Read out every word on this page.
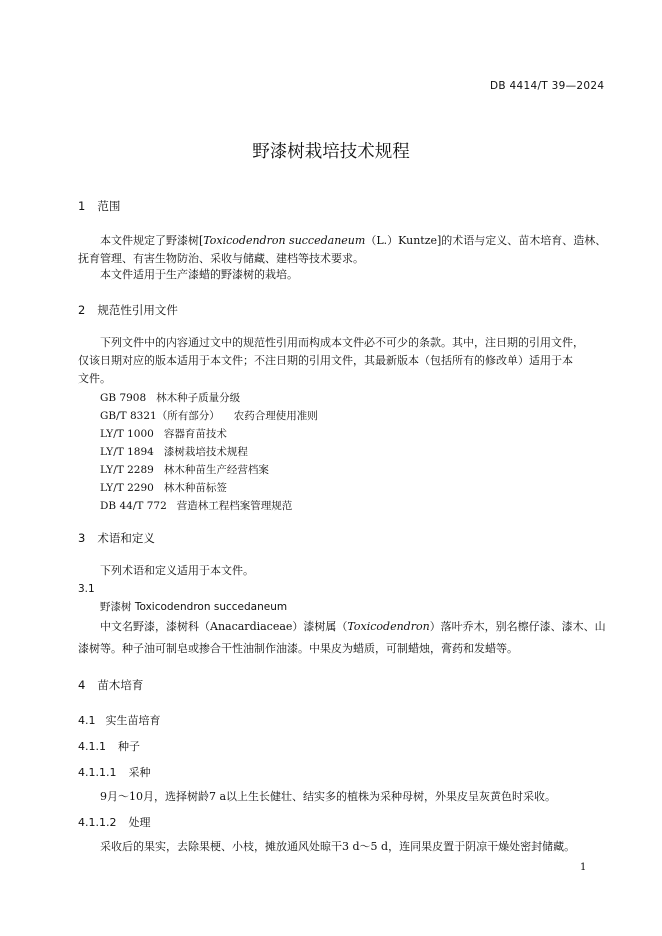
DB 4414/T 39—2024
野漆树栽培技术规程
1 范围
本文件规定了野漆树[Toxicodendron succedaneum（L.）Kuntze]的术语与定义、苗木培育、造林、
抚育管理、有害生物防治、采收与储藏、建档等技术要求。
本文件适用于生产漆蜡的野漆树的栽培。
2 规范性引用文件
下列文件中的内容通过文中的规范性引用而构成本文件必不可少的条款。其中，注日期的引用文件，
仅该日期对应的版本适用于本文件；不注日期的引用文件，其最新版本（包括所有的修改单）适用于本
文件。
GB 7908 林木种子质量分级
GB/T 8321（所有部分） 农药合理使用准则
LY/T 1000 容器育苗技术
LY/T 1894 漆树栽培技术规程
LY/T 2289 林木种苗生产经营档案
LY/T 2290 林木种苗标签
DB 44/T 772 营造林工程档案管理规范
3 术语和定义
下列术语和定义适用于本文件。
3.1
野漆树 Toxicodendron succedaneum
中文名野漆，漆树科（Anacardiaceae）漆树属（Toxicodendron）落叶乔木，别名檫仔漆、漆木、山
漆树等。种子油可制皂或掺合干性油制作油漆。中果皮为蜡质，可制蜡烛，膏药和发蜡等。
4 苗木培育
4.1 实生苗培育
4.1.1 种子
4.1.1.1 采种
9月～10月，选择树龄7 a以上生长健壮、结实多的植株为采种母树，外果皮呈灰黄色时采收。
4.1.1.2 处理
采收后的果实，去除果梗、小枝，摊放通风处晾干3 d～5 d，连同果皮置于阴凉干燥处密封储藏。
1
